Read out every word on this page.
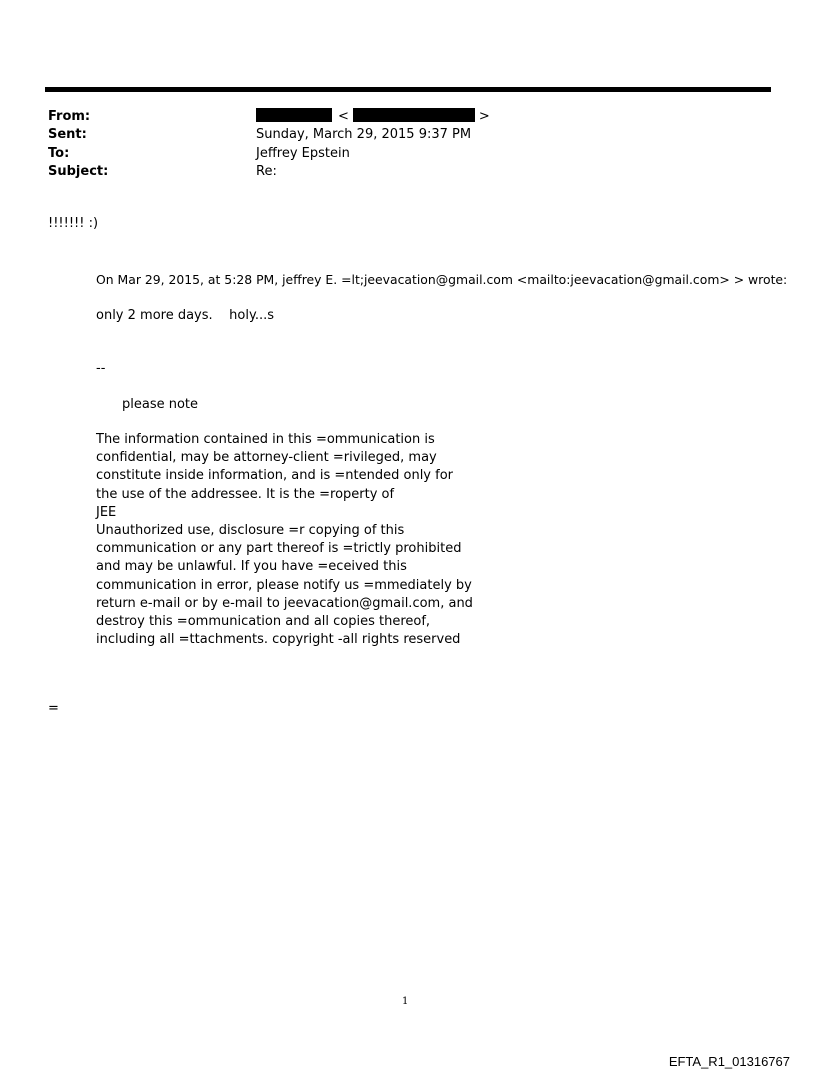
From:
Sent:
To:
Subject:
<	>
Sunday, March 29, 2015 9:37 PM
Jeffrey Epstein
Re:
!!!!!!! :)
On Mar 29, 2015, at 5:28 PM, jeffrey E. =lt;jeevacation@gmail.com <mailto:jeevacation@gmail.com> > wrote:
only 2 more days.    holy...s
--
please note
The information contained in this =ommunication is
confidential, may be attorney-client =rivileged, may
constitute inside information, and is =ntended only for
the use of the addressee. It is the =roperty of
JEE
Unauthorized use, disclosure =r copying of this
communication or any part thereof is =trictly prohibited
and may be unlawful. If you have =eceived this
communication in error, please notify us =mmediately by
return e-mail or by e-mail to jeevacation@gmail.com, and
destroy this =ommunication and all copies thereof,
including all =ttachments. copyright -all rights reserved
=
1
EFTA_R1_01316767
